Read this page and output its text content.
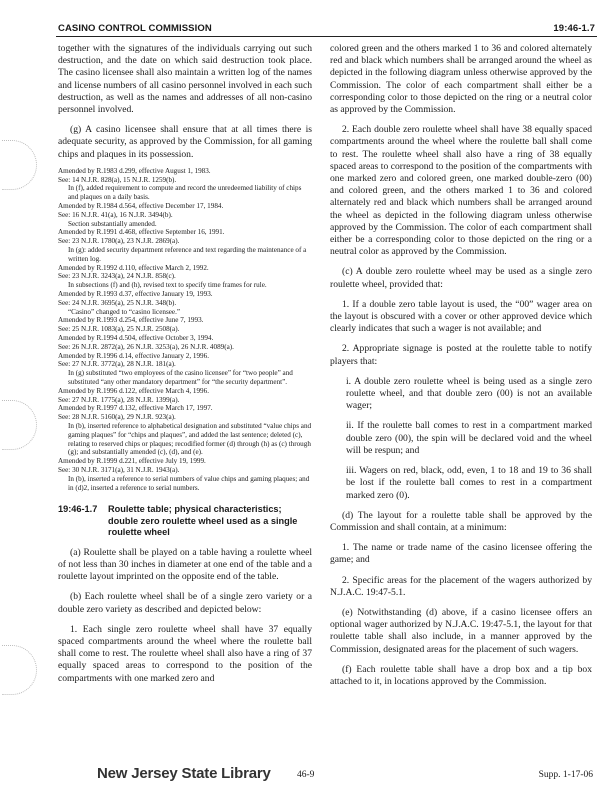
CASINO CONTROL COMMISSION	19:46-1.7

together with the signatures of the individuals carrying out such destruction, and the date on which said destruction took place. The casino licensee shall also maintain a written log of the names and license numbers of all casino personnel involved in each such destruction, as well as the names and addresses of all non-casino personnel involved.

(g) A casino licensee shall ensure that at all times there is adequate security, as approved by the Commission, for all gaming chips and plaques in its possession.

Amended by R.1983 d.299, effective August 1, 1983.

See: 14 N.J.R. 828(a), 15 N.J.R. 1259(b).

In (f), added requirement to compute and record the unredeemed liability of chips and plaques on a daily basis.

Amended by R.1984 d.564, effective December 17, 1984.

See: 16 N.J.R. 41(a), 16 N.J.R. 3494(b).

Section substantially amended.

Amended by R.1991 d.468, effective September 16, 1991.

See: 23 N.J.R. 1780(a), 23 N.J.R. 2869(a).

In (g): added security department reference and text regarding the maintenance of a written log.

Amended by R.1992 d.110, effective March 2, 1992.

See: 23 N.J.R. 3243(a), 24 N.J.R. 858(c).

In subsections (f) and (h), revised text to specify time frames for rule.

Amended by R.1993 d.37, effective January 19, 1993.

See: 24 N.J.R. 3695(a), 25 N.J.R. 348(b).

“Casino” changed to “casino licensee.”

Amended by R.1993 d.254, effective June 7, 1993.

See: 25 N.J.R. 1083(a), 25 N.J.R. 2508(a).

Amended by R.1994 d.504, effective October 3, 1994.

See: 26 N.J.R. 2872(a), 26 N.J.R. 3253(a), 26 N.J.R. 4089(a).

Amended by R.1996 d.14, effective January 2, 1996.

See: 27 N.J.R. 3772(a), 28 N.J.R. 181(a).

In (g) substituted “two employees of the casino licensee” for “two people” and substituted “any other mandatory department” for “the security department”.

Amended by R.1996 d.122, effective March 4, 1996.

See: 27 N.J.R. 1775(a), 28 N.J.R. 1399(a).

Amended by R.1997 d.132, effective March 17, 1997.

See: 28 N.J.R. 5160(a), 29 N.J.R. 923(a).

In (b), inserted reference to alphabetical designation and substituted “value chips and gaming plaques” for “chips and plaques”, and added the last sentence; deleted (c), relating to reserved chips or plaques; recodified former (d) through (h) as (c) through (g); and substantially amended (c), (d), and (e).

Amended by R.1999 d.221, effective July 19, 1999.

See: 30 N.J.R. 3171(a), 31 N.J.R. 1943(a).

In (b), inserted a reference to serial numbers of value chips and gaming plaques; and in (d)2, inserted a reference to serial numbers.

19:46-1.7 Roulette table; physical characteristics; double zero roulette wheel used as a single roulette wheel

(a) Roulette shall be played on a table having a roulette wheel of not less than 30 inches in diameter at one end of the table and a roulette layout imprinted on the opposite end of the table.

(b) Each roulette wheel shall be of a single zero variety or a double zero variety as described and depicted below:

1. Each single zero roulette wheel shall have 37 equally spaced compartments around the wheel where the roulette ball shall come to rest. The roulette wheel shall also have a ring of 37 equally spaced areas to correspond to the position of the compartments with one marked zero and

colored green and the others marked 1 to 36 and colored alternately red and black which numbers shall be arranged around the wheel as depicted in the following diagram unless otherwise approved by the Commission. The color of each compartment shall either be a corresponding color to those depicted on the ring or a neutral color as approved by the Commission.

2. Each double zero roulette wheel shall have 38 equally spaced compartments around the wheel where the roulette ball shall come to rest. The roulette wheel shall also have a ring of 38 equally spaced areas to correspond to the position of the compartments with one marked zero and colored green, one marked double-zero (00) and colored green, and the others marked 1 to 36 and colored alternately red and black which numbers shall be arranged around the wheel as depicted in the following diagram unless otherwise approved by the Commission. The color of each compartment shall either be a corresponding color to those depicted on the ring or a neutral color as approved by the Commission.

(c) A double zero roulette wheel may be used as a single zero roulette wheel, provided that:

1. If a double zero table layout is used, the “00” wager area on the layout is obscured with a cover or other approved device which clearly indicates that such a wager is not available; and

2. Appropriate signage is posted at the roulette table to notify players that:

i. A double zero roulette wheel is being used as a single zero roulette wheel, and that double zero (00) is not an available wager;

ii. If the roulette ball comes to rest in a compartment marked double zero (00), the spin will be declared void and the wheel will be respun; and

iii. Wagers on red, black, odd, even, 1 to 18 and 19 to 36 shall be lost if the roulette ball comes to rest in a compartment marked zero (0).

(d) The layout for a roulette table shall be approved by the Commission and shall contain, at a minimum:

1. The name or trade name of the casino licensee offering the game; and

2. Specific areas for the placement of the wagers authorized by N.J.A.C. 19:47-5.1.

(e) Notwithstanding (d) above, if a casino licensee offers an optional wager authorized by N.J.A.C. 19:47-5.1, the layout for that roulette table shall also include, in a manner approved by the Commission, designated areas for the placement of such wagers.

(f) Each roulette table shall have a drop box and a tip box attached to it, in locations approved by the Commission.

New Jersey State Library	46-9	Supp. 1-17-06
